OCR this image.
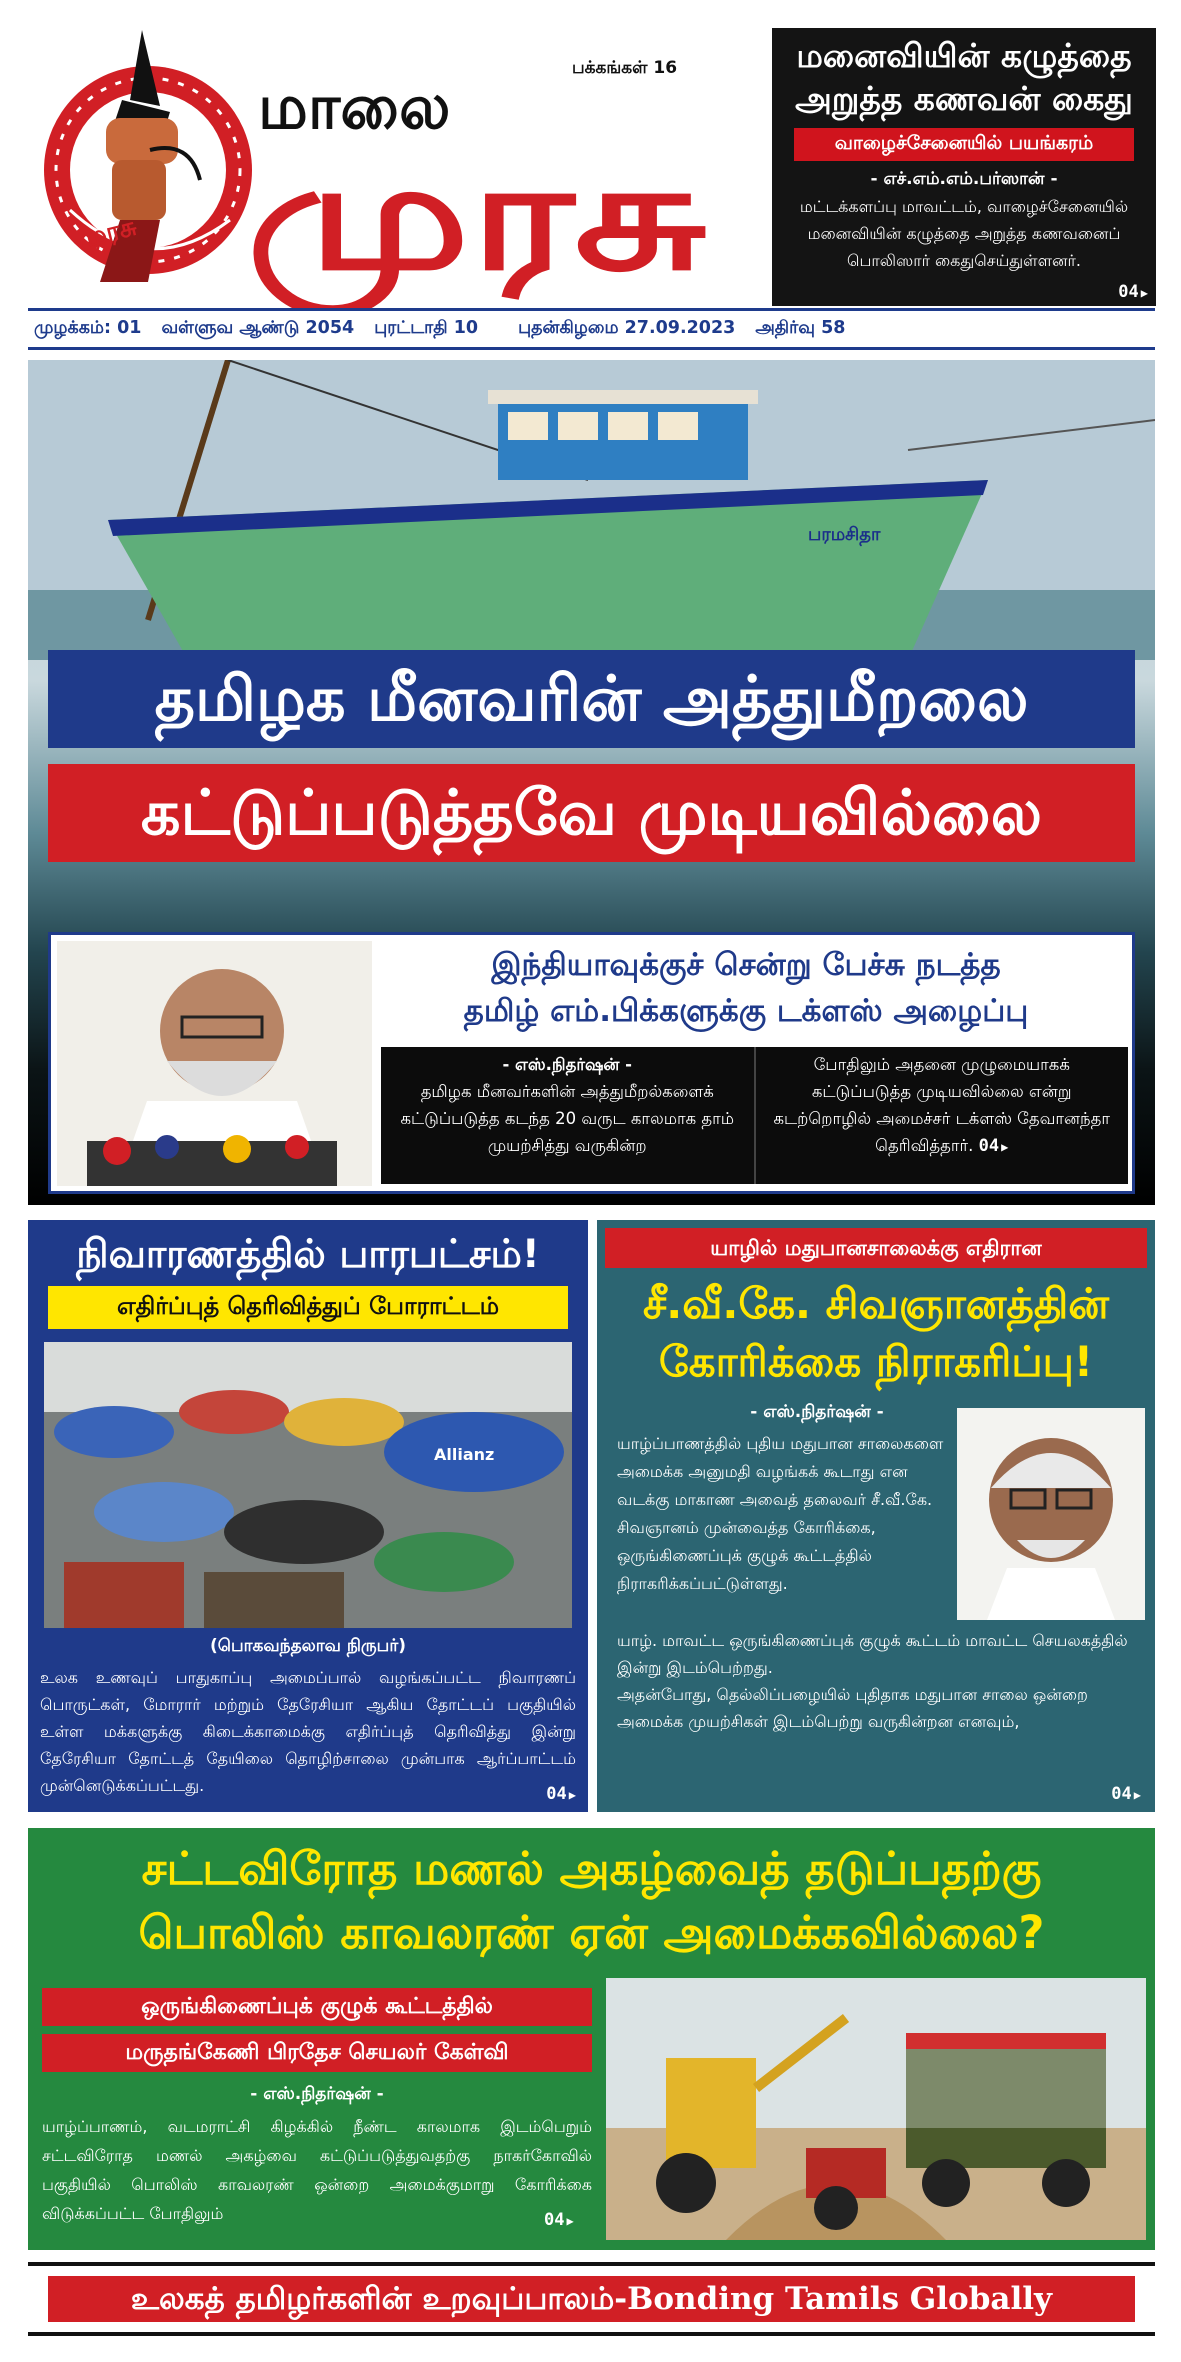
முரசு
மாலை
முரசு
பக்கங்கள் 16	மனைவியின் கழுத்தை அறுத்த கணவன் கைது
வாழைச்சேனையில் பயங்கரம்
- எச்.எம்.எம்.பர்ஸான் -
மட்டக்களப்பு மாவட்டம், வாழைச்சேனையில் மனைவியின் கழுத்தை அறுத்த கணவனைப் பொலிஸார் கைதுசெய்துள்ளனர்.
04 ▶
முழக்கம்: 01 வள்ளுவ ஆண்டு 2054 புரட்டாதி 10 புதன்கிழமை 27.09.2023 அதிர்வு 58
பரமசிதா
தமிழக மீனவரின் அத்துமீறலை
கட்டுப்படுத்தவே முடியவில்லை
இந்தியாவுக்குச் சென்று பேச்சு நடத்த
தமிழ் எம்.பிக்களுக்கு டக்ளஸ் அழைப்பு
- எஸ்.நிதர்ஷன் -
தமிழக மீனவர்களின் அத்துமீறல்களைக் கட்டுப்படுத்த கடந்த 20 வருட காலமாக தாம் முயற்சித்து வருகின்ற
போதிலும் அதனை முழுமையாகக் கட்டுப்படுத்த முடியவில்லை என்று கடற்றொழில் அமைச்சர் டக்ளஸ் தேவானந்தா தெரிவித்தார். 04 ▶
நிவாரணத்தில் பாரபட்சம்!
எதிர்ப்புத் தெரிவித்துப் போராட்டம்
Allianz
(பொகவந்தலாவ நிருபர்)
உலக உணவுப் பாதுகாப்பு அமைப்பால் வழங்கப்பட்ட நிவாரணப் பொருட்கள், மோரார் மற்றும் தேரேசியா ஆகிய தோட்டப் பகுதியில் உள்ள மக்களுக்கு கிடைக்காமைக்கு எதிர்ப்புத் தெரிவித்து இன்று தேரேசியா தோட்டத் தேயிலை தொழிற்சாலை முன்பாக ஆர்ப்பாட்டம் முன்னெடுக்கப்பட்டது.	04 ▶
யாழில் மதுபானசாலைக்கு எதிரான
சீ.வீ.கே. சிவஞானத்தின்
கோரிக்கை நிராகரிப்பு!
- எஸ்.நிதர்ஷன் -
யாழ்ப்பாணத்தில் புதிய மதுபான சாலைகளை அமைக்க அனுமதி வழங்கக் கூடாது என வடக்கு மாகாண அவைத் தலைவர் சீ.வீ.கே. சிவஞானம் முன்வைத்த கோரிக்கை, ஒருங்கிணைப்புக் குழுக் கூட்டத்தில் நிராகரிக்கப்பட்டுள்ளது.
யாழ். மாவட்ட ஒருங்கிணைப்புக் குழுக் கூட்டம் மாவட்ட செயலகத்தில் இன்று இடம்பெற்றது.
அதன்போது, தெல்லிப்பழையில் புதிதாக மதுபான சாலை ஒன்றை அமைக்க முயற்சிகள் இடம்பெற்று வருகின்றன எனவும்,
04 ▶
சட்டவிரோத மணல் அகழ்வைத் தடுப்பதற்கு
பொலிஸ் காவலரண் ஏன் அமைக்கவில்லை?
ஒருங்கிணைப்புக் குழுக் கூட்டத்தில்
மருதங்கேணி பிரதேச செயலர் கேள்வி
- எஸ்.நிதர்ஷன் -
யாழ்ப்பாணம், வடமராட்சி கிழக்கில் நீண்ட காலமாக இடம்பெறும் சட்டவிரோத மணல் அகழ்வை கட்டுப்படுத்துவதற்கு நாகர்கோவில் பகுதியில் பொலிஸ் காவலரண் ஒன்றை அமைக்குமாறு கோரிக்கை விடுக்கப்பட்ட போதிலும்	04 ▶
உலகத் தமிழர்களின் உறவுப்பாலம்-Bonding Tamils Globally
